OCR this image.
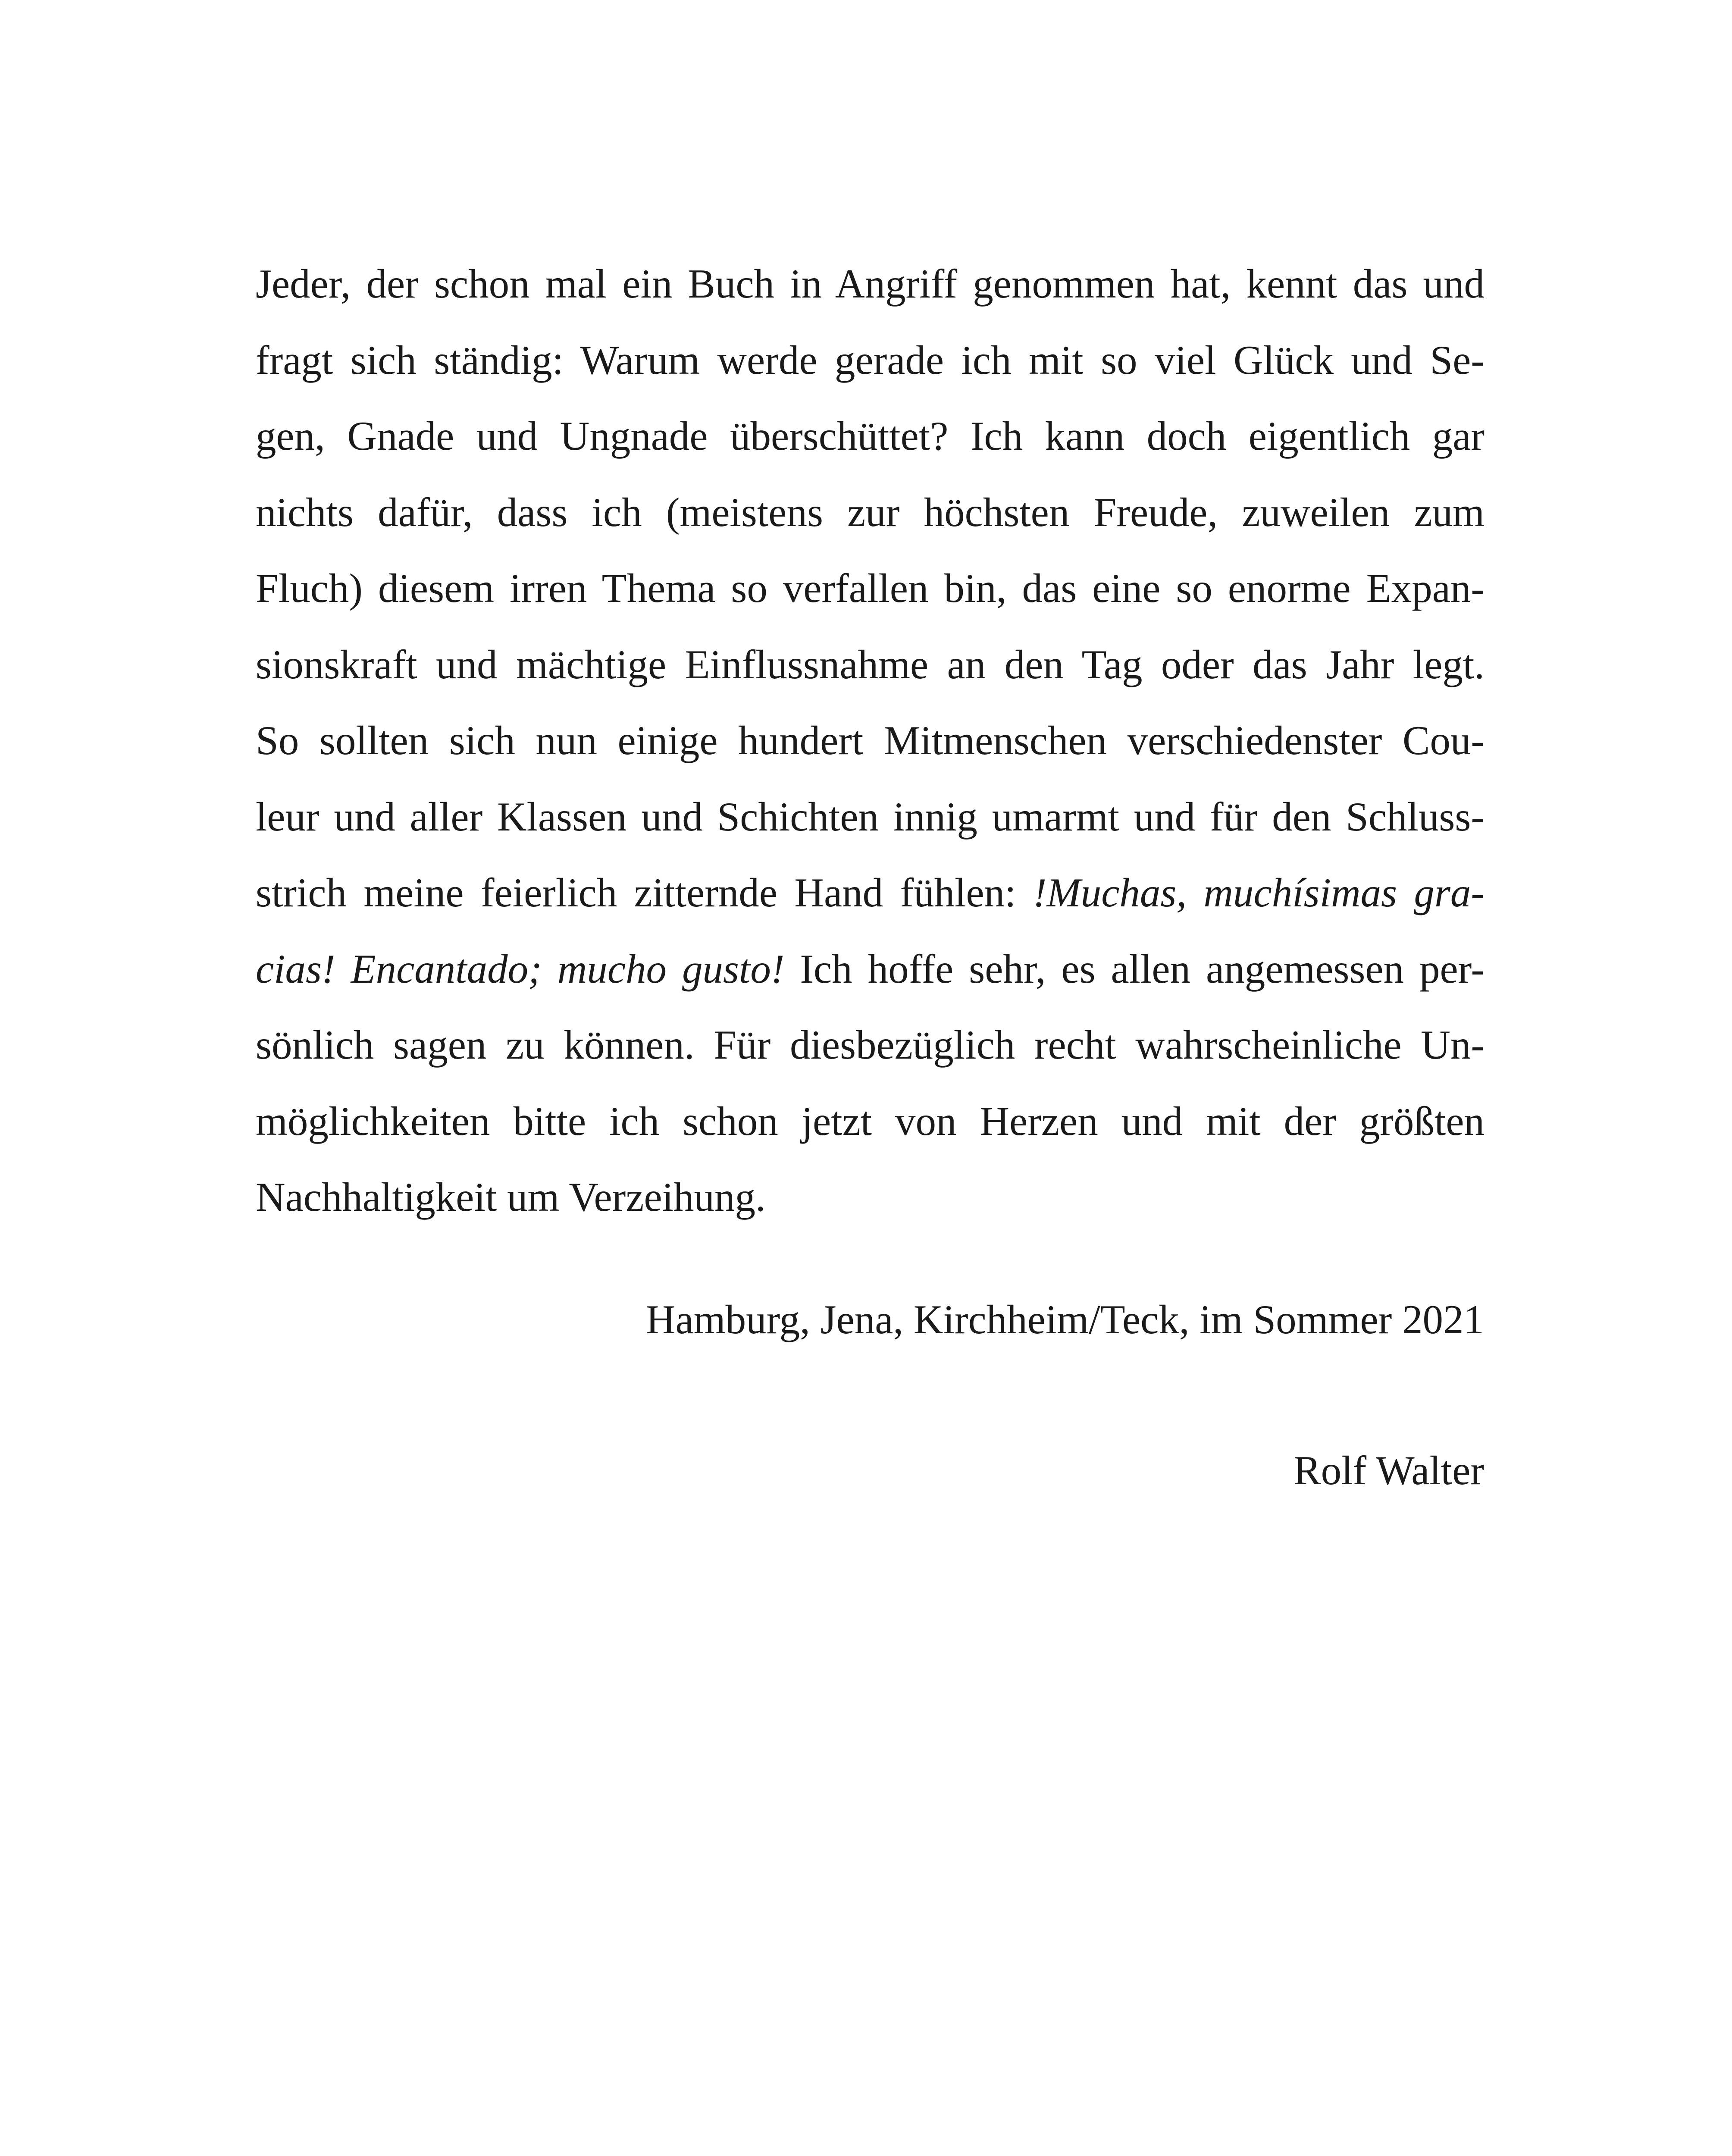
Jeder, der schon mal ein Buch in Angriff genommen hat, kennt das und
fragt sich ständig: Warum werde gerade ich mit so viel Glück und Se-
gen, Gnade und Ungnade überschüttet? Ich kann doch eigentlich gar
nichts dafür, dass ich (meistens zur höchsten Freude, zuweilen zum
Fluch) diesem irren Thema so verfallen bin, das eine so enorme Expan-
sionskraft und mächtige Einflussnahme an den Tag oder das Jahr legt.
So sollten sich nun einige hundert Mitmenschen verschiedenster Cou-
leur und aller Klassen und Schichten innig umarmt und für den Schluss-
strich meine feierlich zitternde Hand fühlen: !Muchas, muchísimas gra-
cias! Encantado; mucho gusto! Ich hoffe sehr, es allen angemessen per-
sönlich sagen zu können. Für diesbezüglich recht wahrscheinliche Un-
möglichkeiten bitte ich schon jetzt von Herzen und mit der größten
Nachhaltigkeit um Verzeihung.
Hamburg, Jena, Kirchheim/Teck, im Sommer 2021
Rolf Walter
